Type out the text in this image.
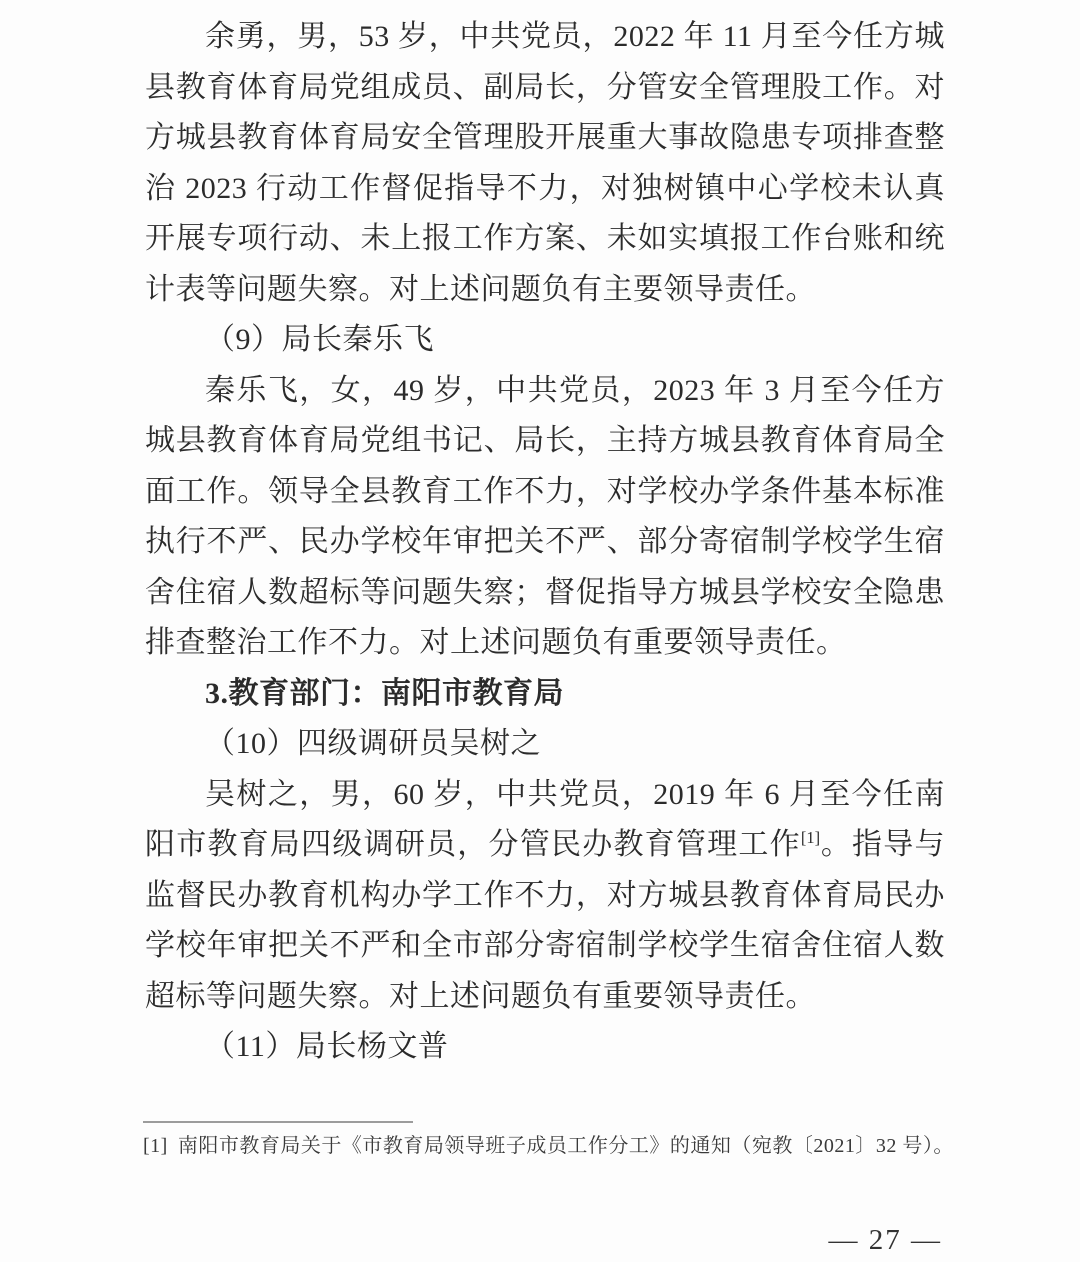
余勇，男，53 岁，中共党员，2022 年 11 月至今任方城县教育体育局党组成员、副局长，分管安全管理股工作。对方城县教育体育局安全管理股开展重大事故隐患专项排查整治 2023 行动工作督促指导不力，对独树镇中心学校未认真开展专项行动、未上报工作方案、未如实填报工作台账和统计表等问题失察。对上述问题负有主要领导责任。

（9）局长秦乐飞

秦乐飞，女，49 岁，中共党员，2023 年 3 月至今任方城县教育体育局党组书记、局长，主持方城县教育体育局全面工作。领导全县教育工作不力，对学校办学条件基本标准执行不严、民办学校年审把关不严、部分寄宿制学校学生宿舍住宿人数超标等问题失察；督促指导方城县学校安全隐患排查整治工作不力。对上述问题负有重要领导责任。

3.教育部门：南阳市教育局

（10）四级调研员吴树之

吴树之，男，60 岁，中共党员，2019 年 6 月至今任南阳市教育局四级调研员，分管民办教育管理工作[1]。指导与监督民办教育机构办学工作不力，对方城县教育体育局民办学校年审把关不严和全市部分寄宿制学校学生宿舍住宿人数超标等问题失察。对上述问题负有重要领导责任。

（11）局长杨文普

[1] 南阳市教育局关于《市教育局领导班子成员工作分工》的通知（宛教〔2021〕32 号）。
— 27 —
